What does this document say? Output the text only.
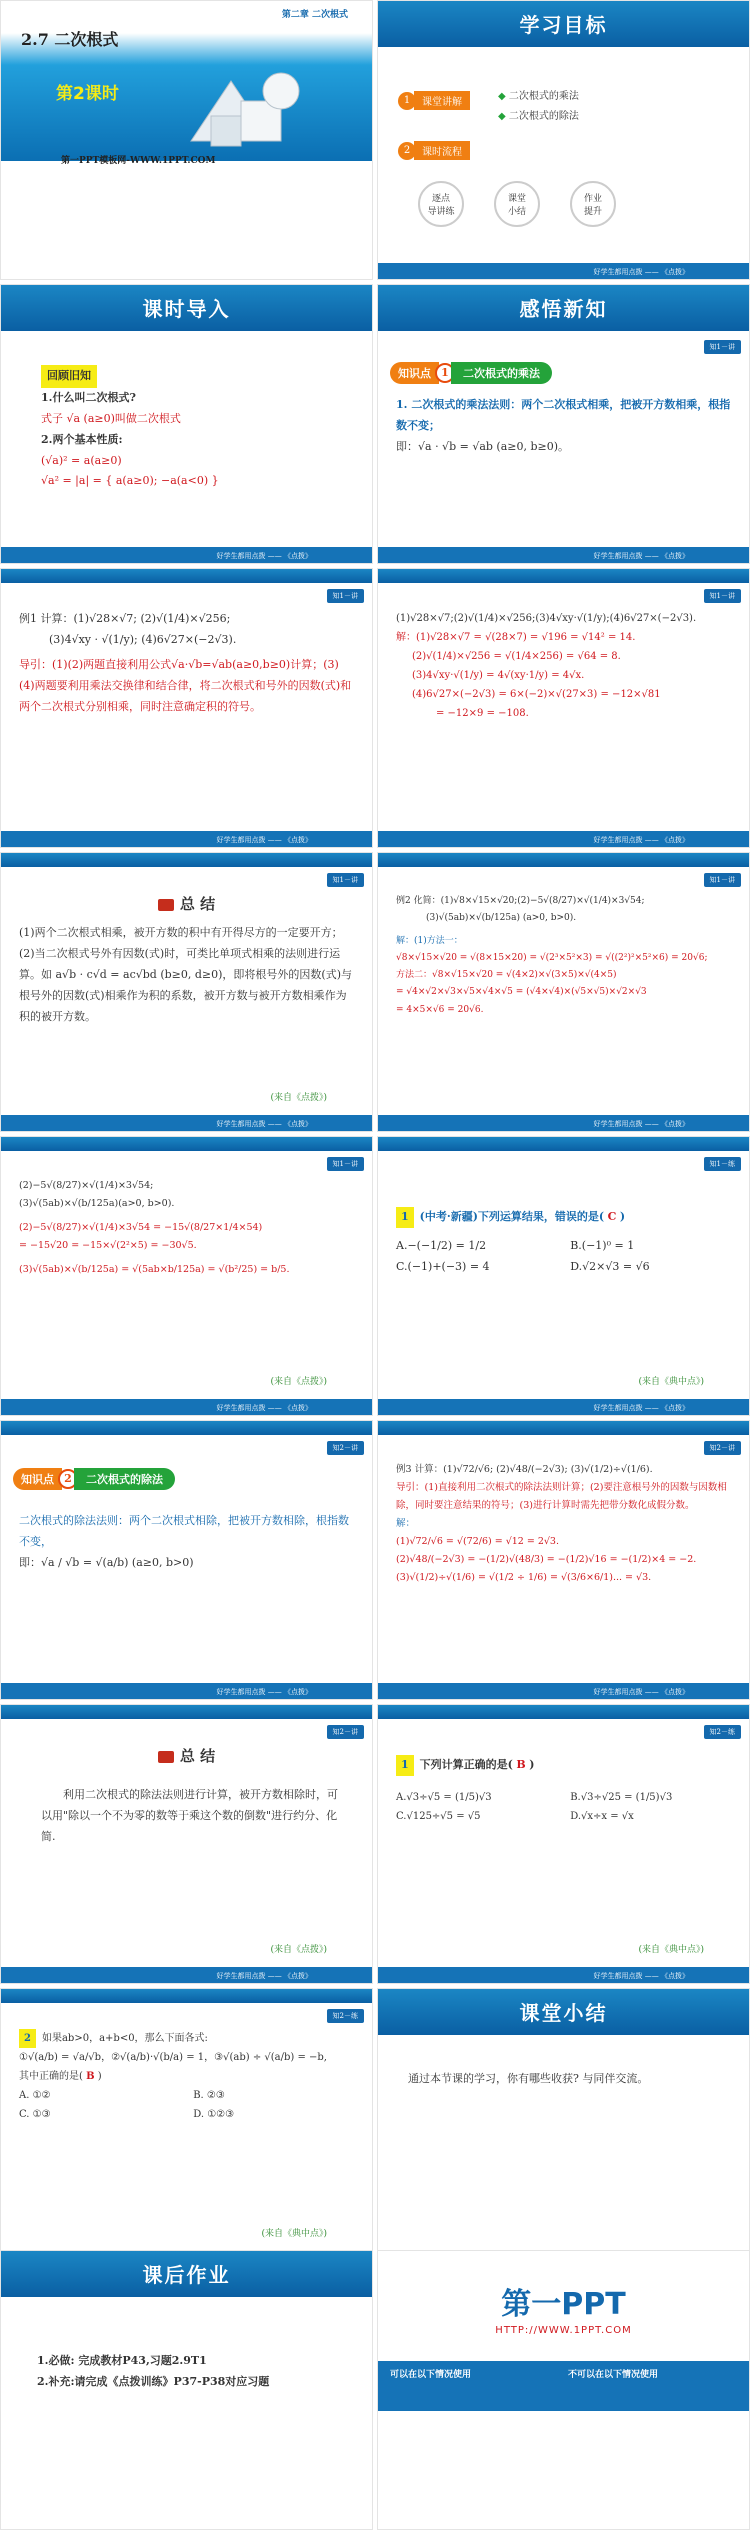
第二章 二次根式
2.7 二次根式
第2课时
第一PPT模板网-WWW.1PPT.COM
学习目标
1	课堂讲解
◆ 二次根式的乘法
◆ 二次根式的除法
2	课时流程
逐点
导讲练
课堂
小结
作业
提升
好学生都用点拨 —— 《点拨》
课时导入
回顾旧知
1.什么叫二次根式?
式子 √a (a≥0)叫做二次根式
2.两个基本性质:
(√a)² = a(a≥0)
√a² = |a| = { a(a≥0); −a(a<0) }
好学生都用点拨 —— 《点拨》
感悟新知
知1－讲
知识点 1	二次根式的乘法
1. 二次根式的乘法法则：两个二次根式相乘，把被开方数相乘，根指数不变；
即：√a · √b = √ab (a≥0, b≥0)。
好学生都用点拨 —— 《点拨》
知1－讲
例1 计算：(1)√28×√7; (2)√(1/4)×√256;
(3)4√xy · √(1/y); (4)6√27×(−2√3).
导引：(1)(2)两题直接利用公式√a·√b=√ab(a≥0,b≥0)计算；(3)(4)两题要利用乘法交换律和结合律，将二次根式和号外的因数(式)和两个二次根式分别相乘，同时注意确定积的符号。
好学生都用点拨 —— 《点拨》
知1－讲
(1)√28×√7;(2)√(1/4)×√256;(3)4√xy·√(1/y);(4)6√27×(−2√3).
解：(1)√28×√7 = √(28×7) = √196 = √14² = 14.
(2)√(1/4)×√256 = √(1/4×256) = √64 = 8.
(3)4√xy·√(1/y) = 4√(xy·1/y) = 4√x.
(4)6√27×(−2√3) = 6×(−2)×√(27×3) = −12×√81
= −12×9 = −108.
好学生都用点拨 —— 《点拨》
知1－讲
总 结
(1)两个二次根式相乘，被开方数的积中有开得尽方的一定要开方；
(2)当二次根式号外有因数(式)时，可类比单项式相乘的法则进行运算。如 a√b · c√d = ac√bd (b≥0, d≥0)，即将根号外的因数(式)与根号外的因数(式)相乘作为积的系数，被开方数与被开方数相乘作为积的被开方数。
(来自《点拨》)
好学生都用点拨 —— 《点拨》
知1－讲
例2 化简：(1)√8×√15×√20;(2)−5√(8/27)×√(1/4)×3√54;
(3)√(5ab)×√(b/125a) (a>0, b>0).
解：(1)方法一：
√8×√15×√20 = √(8×15×20) = √(2³×5²×3) = √((2²)²×5²×6) = 20√6;
方法二：√8×√15×√20 = √(4×2)×√(3×5)×√(4×5)
= √4×√2×√3×√5×√4×√5 = (√4×√4)×(√5×√5)×√2×√3
= 4×5×√6 = 20√6.
好学生都用点拨 —— 《点拨》
知1－讲
(2)−5√(8/27)×√(1/4)×3√54;
(3)√(5ab)×√(b/125a)(a>0, b>0).
(2)−5√(8/27)×√(1/4)×3√54 = −15√(8/27×1/4×54)
= −15√20 = −15×√(2²×5) = −30√5.
(3)√(5ab)×√(b/125a) = √(5ab×b/125a) = √(b²/25) = b/5.
(来自《点拨》)
好学生都用点拨 —— 《点拨》
知1－练
1 (中考·新疆)下列运算结果，错误的是( C )
A.−(−1/2) = 1/2	B.(−1)⁰ = 1
C.(−1)+(−3) = 4	D.√2×√3 = √6
(来自《典中点》)
好学生都用点拨 —— 《点拨》
知2－讲
知识点 2	二次根式的除法
二次根式的除法法则：两个二次根式相除，把被开方数相除，根指数不变，
即：√a / √b = √(a/b) (a≥0, b>0)
好学生都用点拨 —— 《点拨》
知2－讲
例3 计算：(1)√72/√6; (2)√48/(−2√3); (3)√(1/2)÷√(1/6).
导引：(1)直接利用二次根式的除法法则计算；(2)要注意根号外的因数与因数相除，同时要注意结果的符号；(3)进行计算时需先把带分数化成假分数。
解：
(1)√72/√6 = √(72/6) = √12 = 2√3.
(2)√48/(−2√3) = −(1/2)√(48/3) = −(1/2)√16 = −(1/2)×4 = −2.
(3)√(1/2)÷√(1/6) = √(1/2 ÷ 1/6) = √(3/6×6/1)... = √3.
好学生都用点拨 —— 《点拨》
知2－讲
总 结
利用二次根式的除法法则进行计算，被开方数相除时，可以用"除以一个不为零的数等于乘这个数的倒数"进行约分、化简.
(来自《点拨》)
好学生都用点拨 —— 《点拨》
知2－练
1 下列计算正确的是( B )
A.√3÷√5 = (1/5)√3	B.√3÷√25 = (1/5)√3
C.√125÷√5 = √5	D.√x÷x = √x
(来自《典中点》)
好学生都用点拨 —— 《点拨》
知2－练
2 如果ab>0，a+b<0，那么下面各式:
①√(a/b) = √a/√b，②√(a/b)·√(b/a) = 1，③√(ab) ÷ √(a/b) = −b,
其中正确的是( B )
A. ①②	B. ②③
C. ①③	D. ①②③
(来自《典中点》)
课堂小结
通过本节课的学习，你有哪些收获? 与同伴交流。
课后作业
1.必做: 完成教材P43,习题2.9T1
2.补充:请完成《点拨训练》P37-P38对应习题
第一PPT
HTTP://WWW.1PPT.COM
可以在以下情况使用	不可以在以下情况使用
